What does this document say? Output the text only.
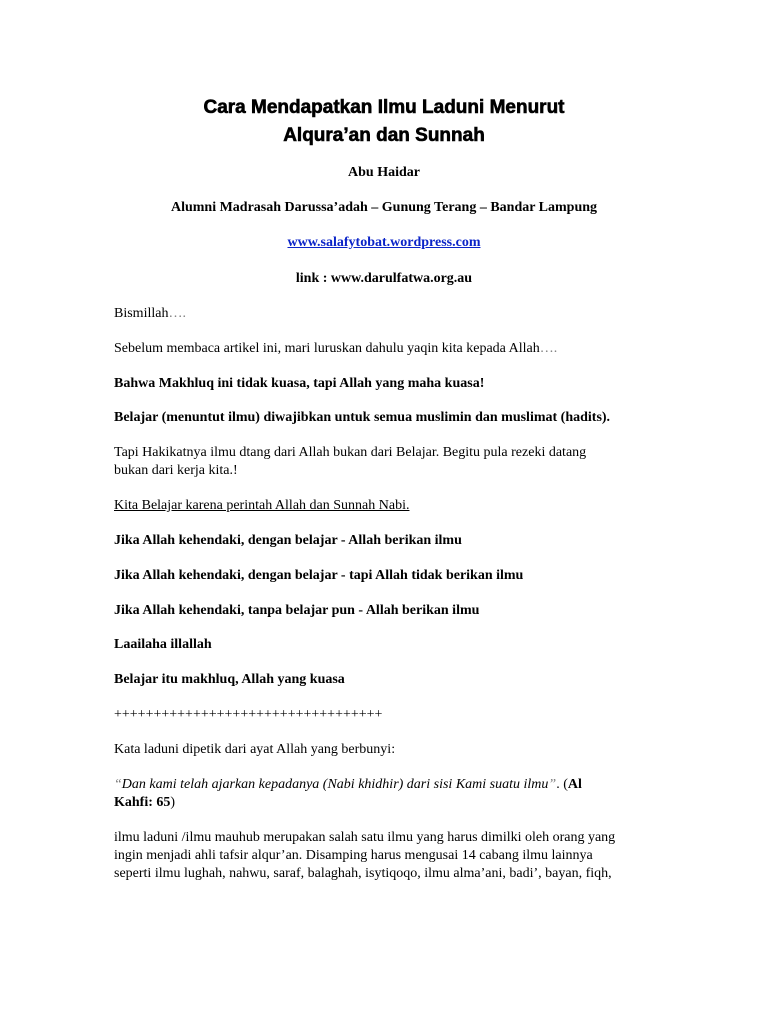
Cara Mendapatkan Ilmu Laduni Menurut
Alqura’an dan Sunnah
Abu Haidar
Alumni Madrasah Darussa’adah – Gunung Terang – Bandar Lampung
www.salafytobat.wordpress.com
link : www.darulfatwa.org.au
Bismillah….
Sebelum membaca artikel ini, mari luruskan dahulu yaqin kita kepada Allah….
Bahwa Makhluq ini tidak kuasa, tapi Allah yang maha kuasa!
Belajar (menuntut ilmu) diwajibkan untuk semua muslimin dan muslimat (hadits).
Tapi Hakikatnya ilmu dtang dari Allah bukan dari Belajar. Begitu pula rezeki datang
bukan dari kerja kita.!
Kita Belajar karena perintah Allah dan Sunnah Nabi.
Jika Allah kehendaki, dengan belajar - Allah berikan ilmu
Jika Allah kehendaki, dengan belajar - tapi Allah tidak berikan ilmu
Jika Allah kehendaki, tanpa belajar pun - Allah berikan ilmu
Laailaha illallah
Belajar itu makhluq, Allah yang kuasa
++++++++++++++++++++++++++++++++++
Kata laduni dipetik dari ayat Allah yang berbunyi:
“Dan kami telah ajarkan kepadanya (Nabi khidhir) dari sisi Kami suatu ilmu”. (Al
Kahfi: 65)
ilmu laduni /ilmu mauhub merupakan salah satu ilmu yang harus dimilki oleh orang yang
ingin menjadi ahli tafsir alqur’an. Disamping harus mengusai 14 cabang ilmu lainnya
seperti ilmu lughah, nahwu, saraf, balaghah, isytiqoqo, ilmu alma’ani, badi’, bayan, fiqh,
